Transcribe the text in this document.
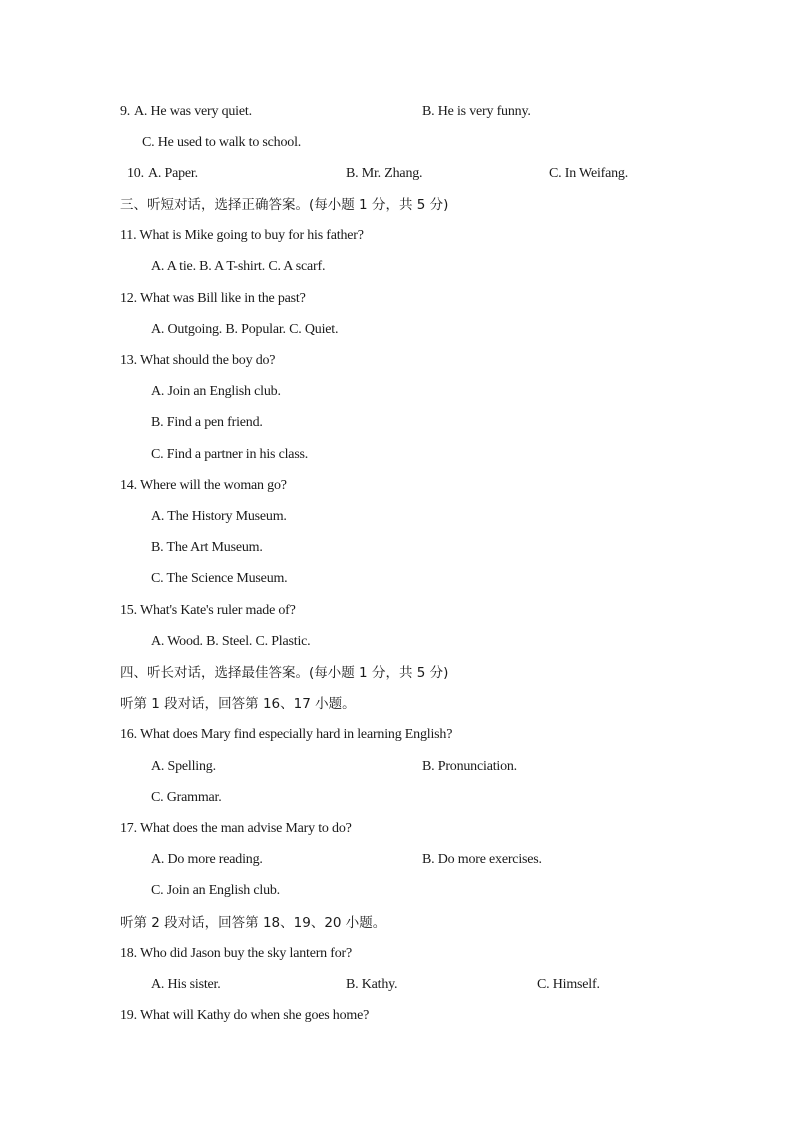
9. A. He was very quiet.	B. He is very funny.
C. He used to walk to school.
10. A. Paper.	B. Mr. Zhang.	C. In Weifang.
三、听短对话，选择正确答案。(每小题 1 分，共 5 分)
11. What is Mike going to buy for his father?
A. A tie. B. A T-shirt. C. A scarf.
12. What was Bill like in the past?
A. Outgoing. B. Popular. C. Quiet.
13. What should the boy do?
A. Join an English club.
B. Find a pen friend.
C. Find a partner in his class.
14. Where will the woman go?
A. The History Museum.
B. The Art Museum.
C. The Science Museum.
15. What's Kate's ruler made of?
A. Wood. B. Steel. C. Plastic.
四、听长对话，选择最佳答案。(每小题 1 分，共 5 分)
听第 1 段对话，回答第 16、17 小题。
16. What does Mary find especially hard in learning English?
A. Spelling.	B. Pronunciation.
C. Grammar.
17. What does the man advise Mary to do?
A. Do more reading.	B. Do more exercises.
C. Join an English club.
听第 2 段对话，回答第 18、19、20 小题。
18. Who did Jason buy the sky lantern for?
A. His sister.	B. Kathy.	C. Himself.
19. What will Kathy do when she goes home?
